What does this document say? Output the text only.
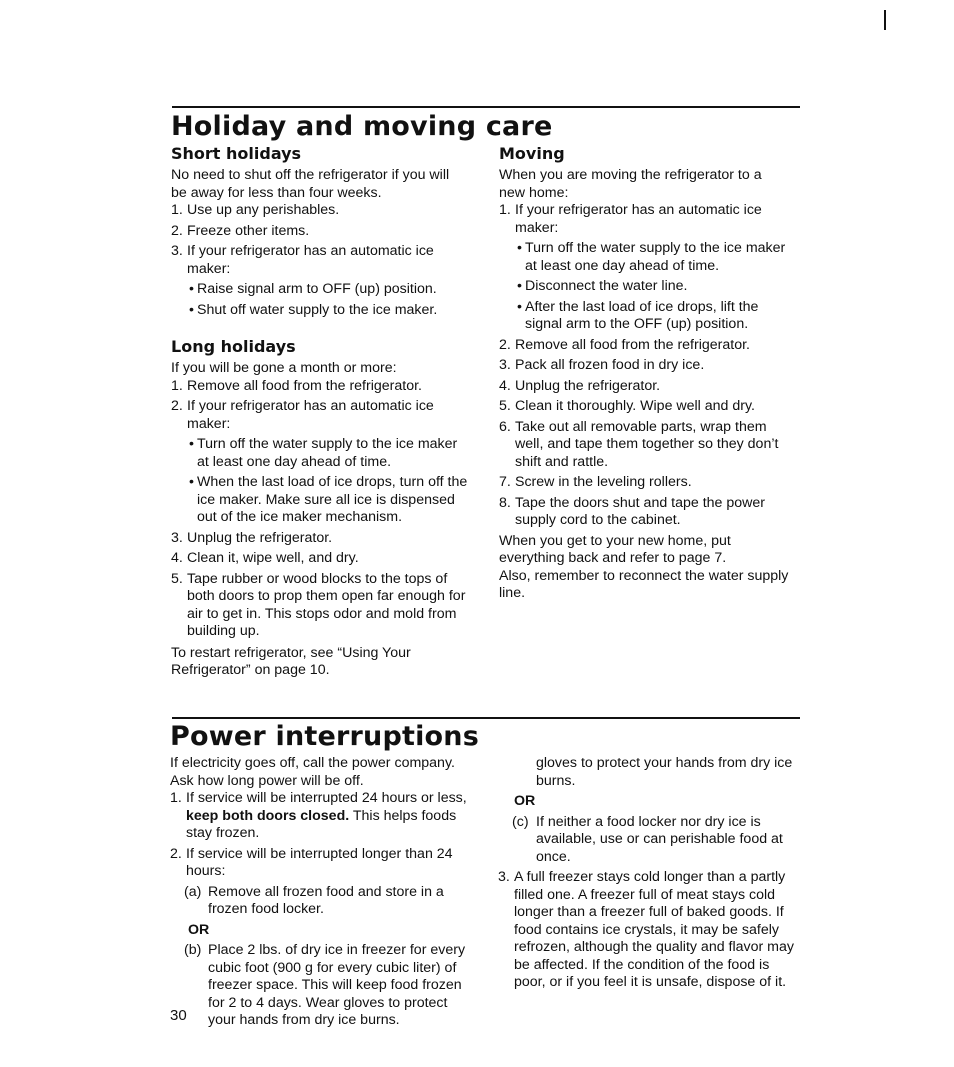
Holiday and moving care
Short holidays

No need to shut off the refrigerator if you will be away for less than four weeks.

1. Use up any perishables.
2. Freeze other items.
3. If your refrigerator has an automatic ice maker:
• Raise signal arm to OFF (up) position.
• Shut off water supply to the ice maker.
Long holidays

If you will be gone a month or more:

1. Remove all food from the refrigerator.
2. If your refrigerator has an automatic ice maker:
• Turn off the water supply to the ice maker at least one day ahead of time.
• When the last load of ice drops, turn off the ice maker. Make sure all ice is dispensed out of the ice maker mechanism.
3. Unplug the refrigerator.
4. Clean it, wipe well, and dry.
5. Tape rubber or wood blocks to the tops of both doors to prop them open far enough for air to get in. This stops odor and mold from building up.

To restart refrigerator, see “Using Your Refrigerator” on page 10.

Moving

When you are moving the refrigerator to a new home:

1. If your refrigerator has an automatic ice maker:
• Turn off the water supply to the ice maker at least one day ahead of time.
• Disconnect the water line.
• After the last load of ice drops, lift the signal arm to the OFF (up) position.
2. Remove all food from the refrigerator.
3. Pack all frozen food in dry ice.
4. Unplug the refrigerator.
5. Clean it thoroughly. Wipe well and dry.
6. Take out all removable parts, wrap them well, and tape them together so they don’t shift and rattle.
7. Screw in the leveling rollers.
8. Tape the doors shut and tape the power supply cord to the cabinet.

When you get to your new home, put everything back and refer to page 7.

Also, remember to reconnect the water supply line.

Power interruptions

If electricity goes off, call the power company. Ask how long power will be off.

1. If service will be interrupted 24 hours or less, keep both doors closed. This helps foods stay frozen.
2. If service will be interrupted longer than 24 hours:
(a) Remove all frozen food and store in a frozen food locker.
OR
(b) Place 2 lbs. of dry ice in freezer for every cubic foot (900 g for every cubic liter) of freezer space. This will keep food frozen for 2 to 4 days. Wear gloves to protect your hands from dry ice burns.
gloves to protect your hands from dry ice burns.
OR
(c) If neither a food locker nor dry ice is available, use or can perishable food at once.
3. A full freezer stays cold longer than a partly filled one. A freezer full of meat stays cold longer than a freezer full of baked goods. If food contains ice crystals, it may be safely refrozen, although the quality and flavor may be affected. If the condition of the food is poor, or if you feel it is unsafe, dispose of it.
30
